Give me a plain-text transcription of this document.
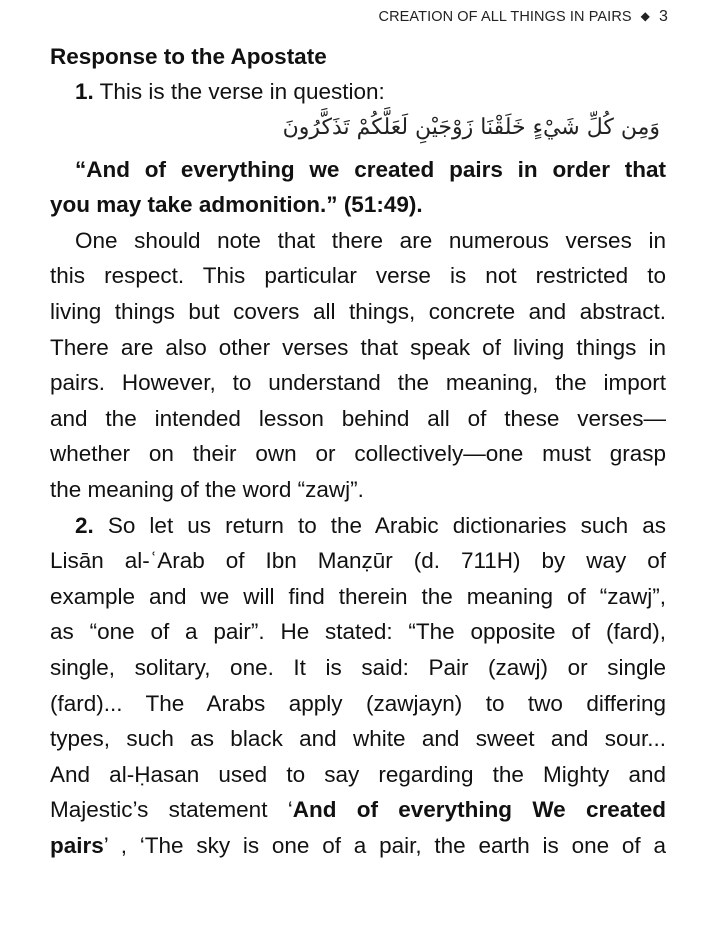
CREATION OF ALL THINGS IN PAIRS ◆ 3

Response to the Apostate

1. This is the verse in question:

وَمِن كُلِّ شَيْءٍ خَلَقْنَا زَوْجَيْنِ لَعَلَّكُمْ تَذَكَّرُونَ

“And of everything we created pairs in order that

you may take admonition.” (51:49).

One should note that there are numerous verses in

this respect. This particular verse is not restricted to

living things but covers all things, concrete and abstract.

There are also other verses that speak of living things in

pairs. However, to understand the meaning, the import

and the intended lesson behind all of these verses—

whether on their own or collectively—one must grasp

the meaning of the word “zawj”.

2. So let us return to the Arabic dictionaries such as

Lisān al-ʿArab of Ibn Manẓūr (d. 711H) by way of

example and we will find therein the meaning of “zawj”,

as “one of a pair”. He stated: “The opposite of (fard),

single, solitary, one. It is said: Pair (zawj) or single

(fard)... The Arabs apply (zawjayn) to two differing

types, such as black and white and sweet and sour...

And al-Ḥasan used to say regarding the Mighty and

Majestic’s statement ‘And of everything We created

pairs’ , ‘The sky is one of a pair, the earth is one of a
